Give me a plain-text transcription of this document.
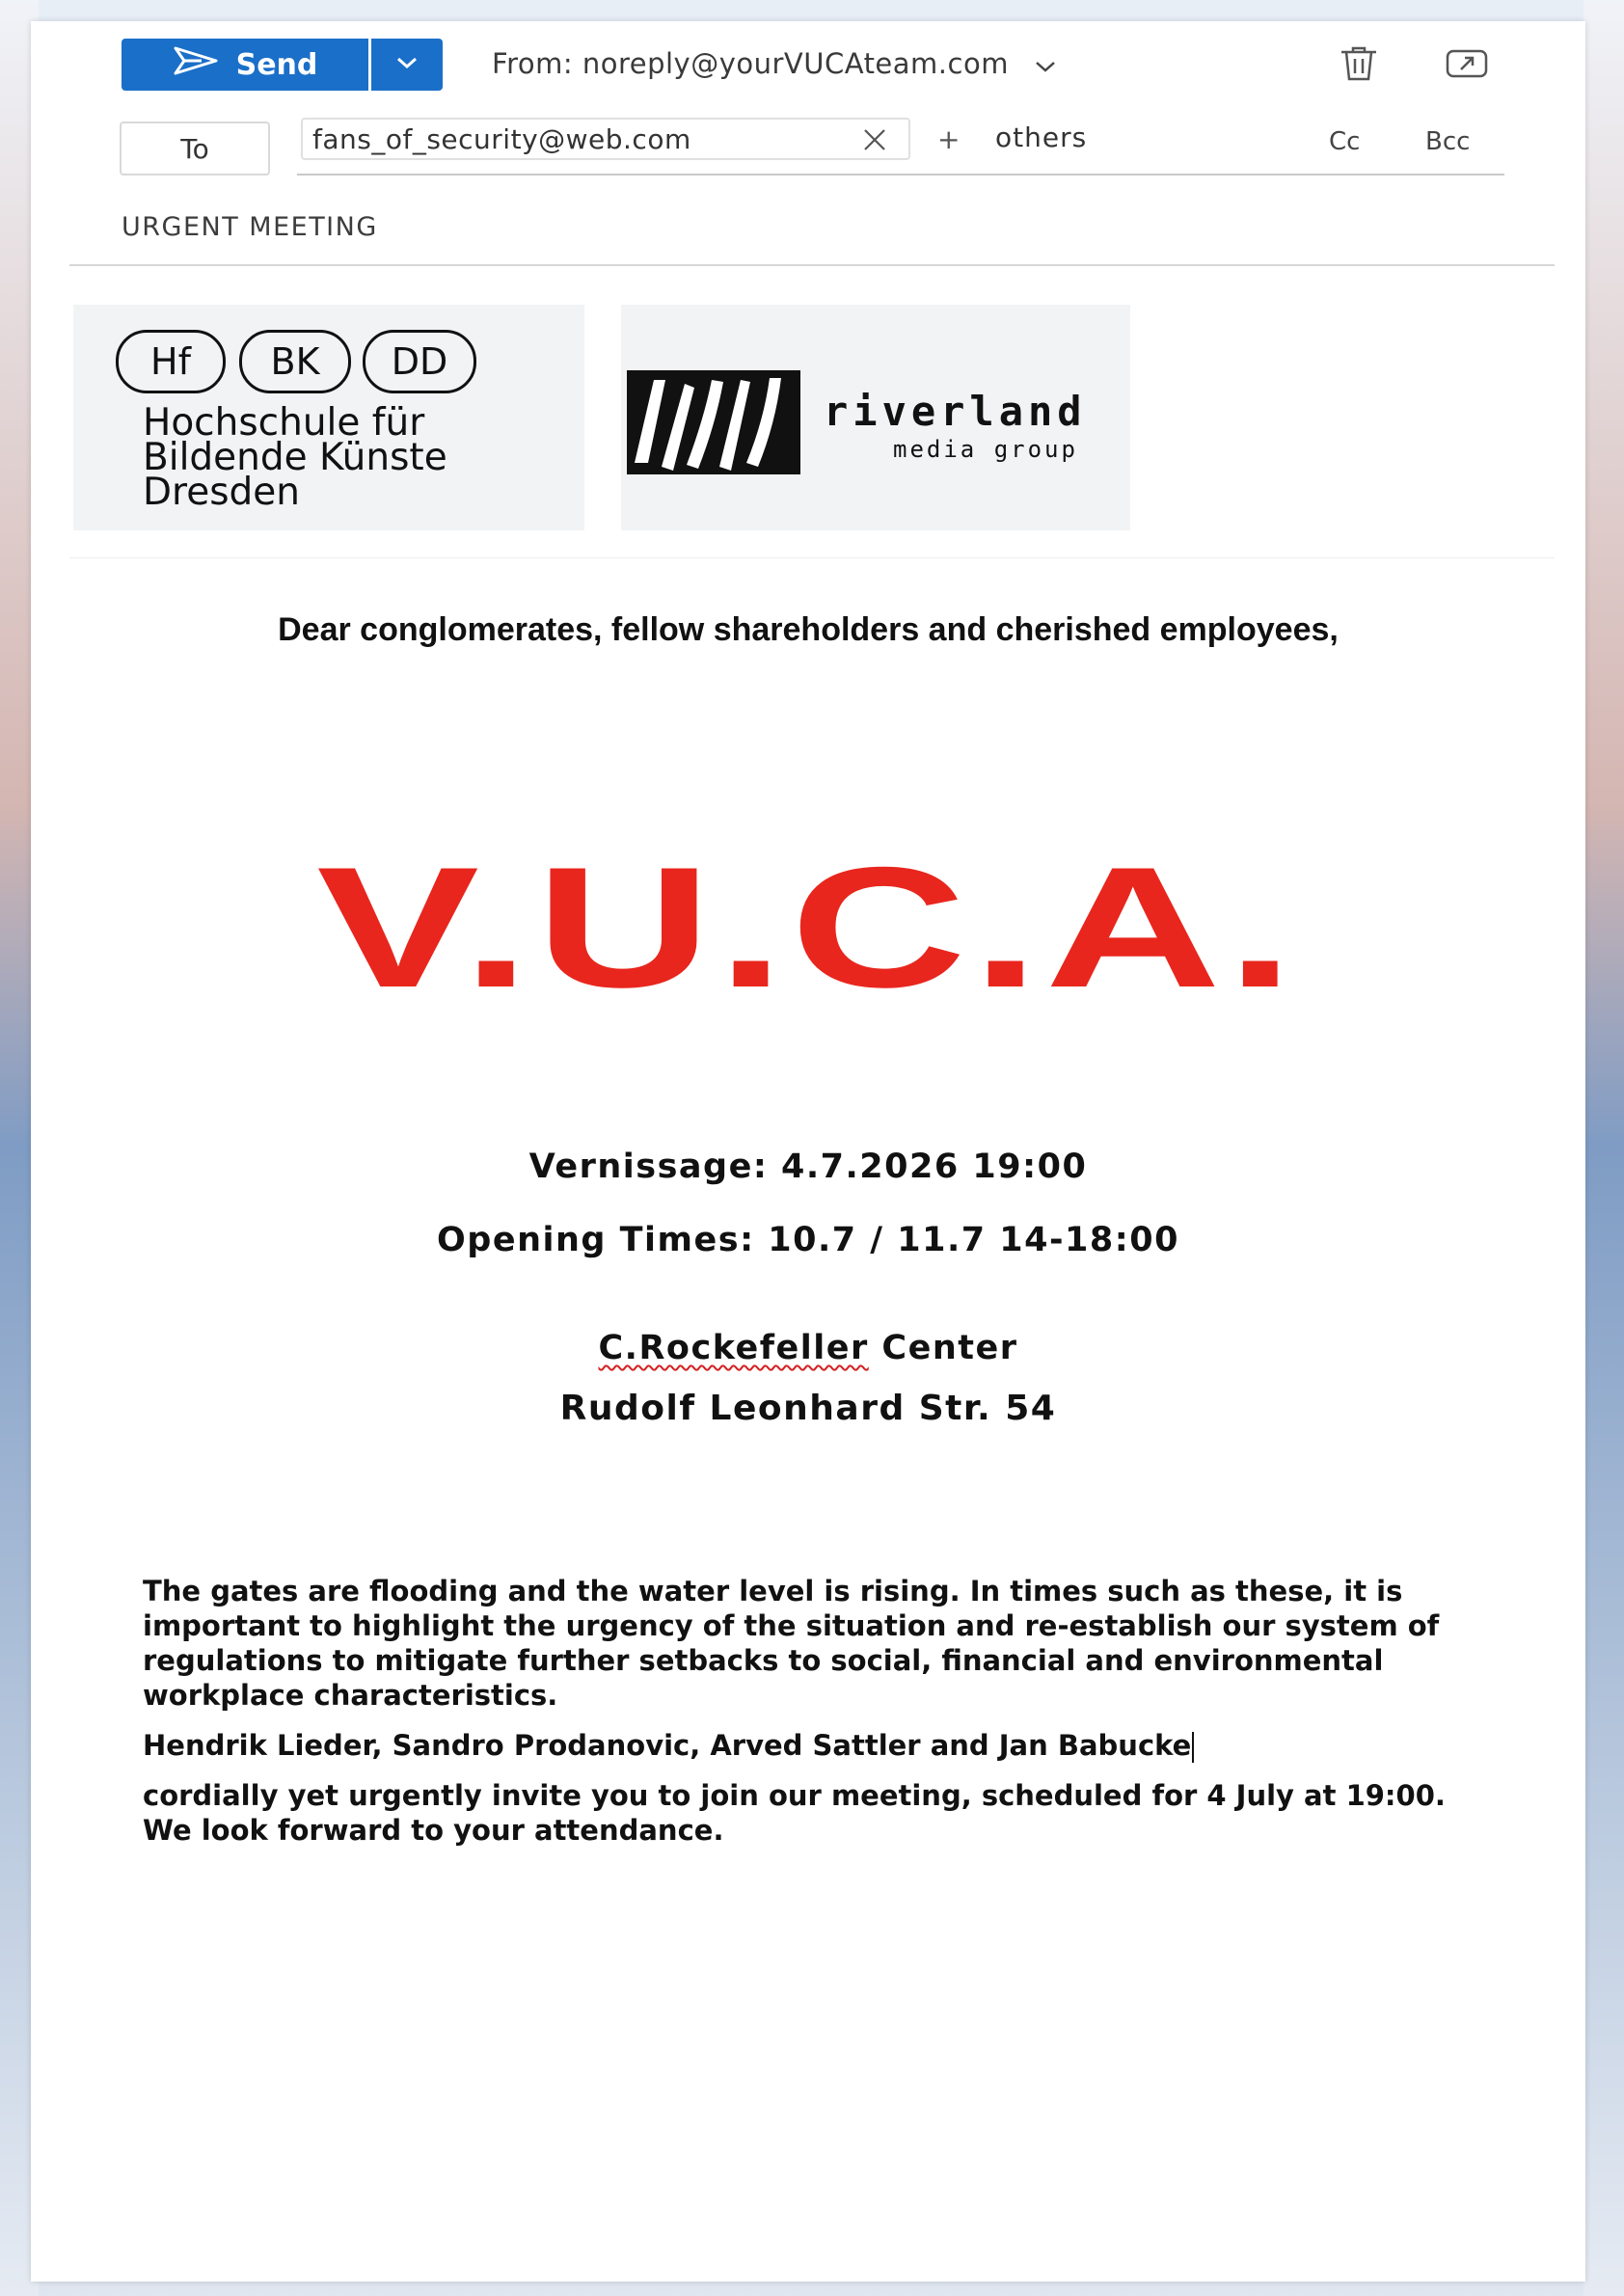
Send	From: noreply@yourVUCAteam.com
To	fans_of_security@web.com	+ others	Cc	Bcc
URGENT MEETING
Hf	BK	DD
Hochschule für
Bildende Künste
Dresden
riverland
media group
Dear conglomerates, fellow shareholders and cherished employees,
V.U.C.A.
Vernissage: 4.7.2026 19:00
Opening Times: 10.7 / 11.7 14-18:00
C.Rockefeller Center
Rudolf Leonhard Str. 54

The gates are flooding and the water level is rising. In times such as these, it is important to highlight the urgency of the situation and re-establish our system of regulations to mitigate further setbacks to social, financial and environmental workplace characteristics.

Hendrik Lieder, Sandro Prodanovic, Arved Sattler and Jan Babucke

cordially yet urgently invite you to join our meeting, scheduled for 4 July at 19:00. We look forward to your attendance.
